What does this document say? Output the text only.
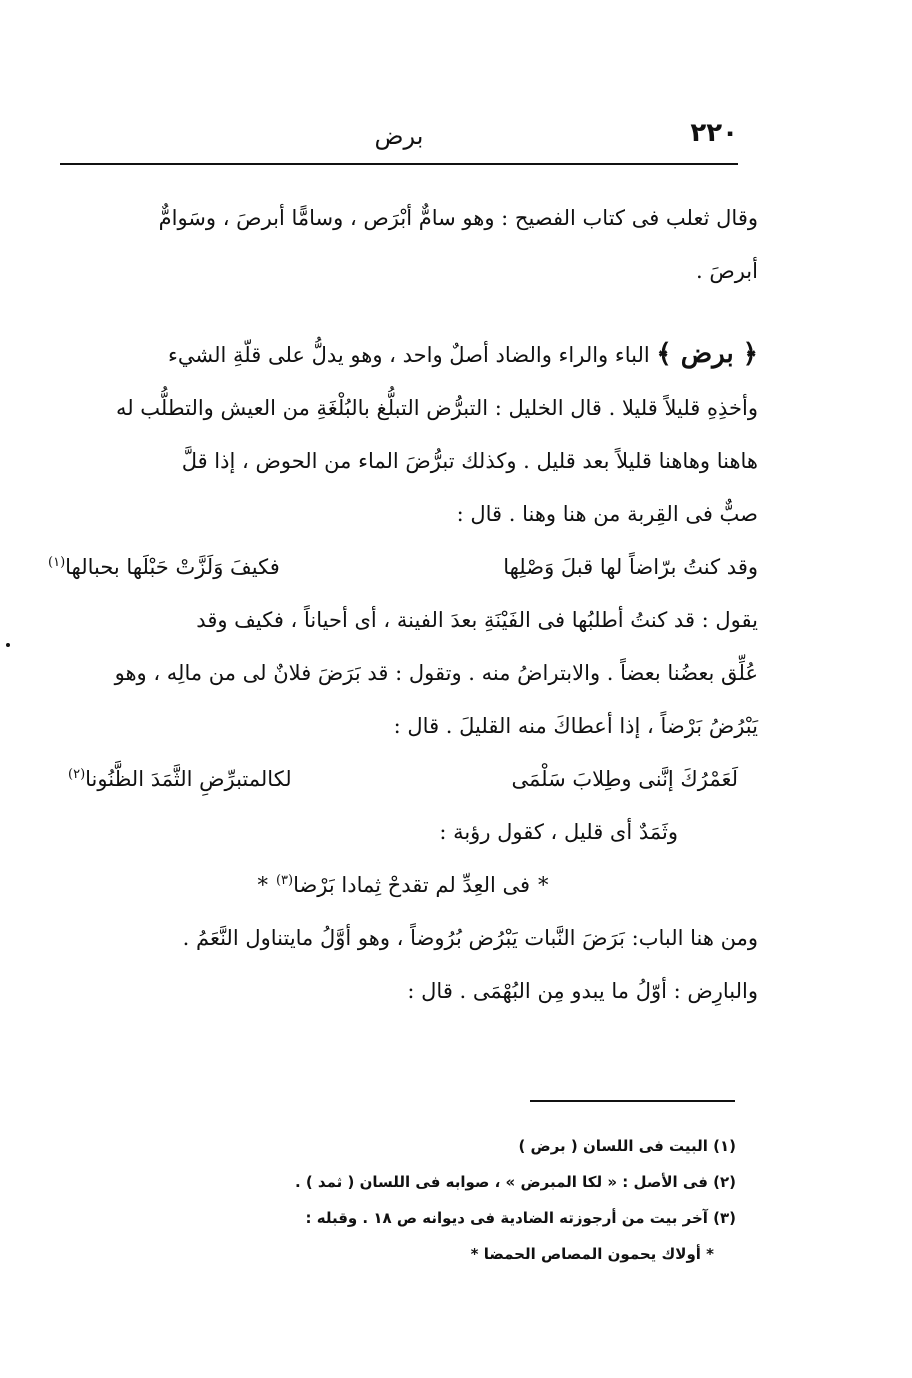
٢٢٠
برض

وقال ثعلب فى كتاب الفصيح : وهو سامٌّ أبْرَص ، وسامًّا أبرصَ ، وسَوامٌّ

أبرصَ .

﴿ برض ﴾ الباء والراء والضاد أصلٌ واحد ، وهو يدلُّ على قلّةِ الشيء

وأخذِهِ قليلاً قليلا . قال الخليل : التبرُّض التبلُّغ بالبُلْغَةِ من العيش والتطلُّب له

هاهنا وهاهنا قليلاً بعد قليل . وكذلك تبرُّضَ الماء من الحوض ، إذا قلَّ

صبٌّ فى القِربة من هنا وهنا . قال :

وقد كنتُ برّاضاً لها قبلَ وَصْلِها
فكيفَ وَلَزَّتْ حَبْلَها بحبالها$^{(١)}$

يقول : قد كنتُ أطلبُها فى الفَيْنَةِ بعدَ الفينة ، أى أحياناً ، فكيف وقد

عُلِّق بعضُنا بعضاً . والابتراضُ منه . وتقول : قد بَرَضَ فلانٌ لى من مالِه ، وهو

يَبْرُضُ بَرْضاً ، إذا أعطاكَ منه القليلَ . قال :

لَعَمْرُكَ إنَّنى وطِلابَ سَلْمَى
لكالمتبرِّضِ الثَّمَدَ الظَّنُونا$^{(٢)}$

وثَمَدٌ أى قليل ، كقول رؤبة :

*فى العِدِّ لم تقدحْ ثِمادا بَرْضا$^{(٣)}$*

ومن هنا الباب: بَرَضَ النَّبات يَبْرُض بُرُوضاً ، وهو أوَّلُ مايتناول النَّعَمُ .

والبارِض : أوّلُ ما يبدو مِن البُهْمَى . قال :

(١) البيت فى اللسان ( برض )

(٢) فى الأصل : « لكا المبرض » ، صوابه فى اللسان ( ثمد ) .

(٣) آخر بيت من أرجوزته الضادية فى ديوانه ص ١٨ . وقبله :

* أولاك يحمون المصاص الحمضا *
